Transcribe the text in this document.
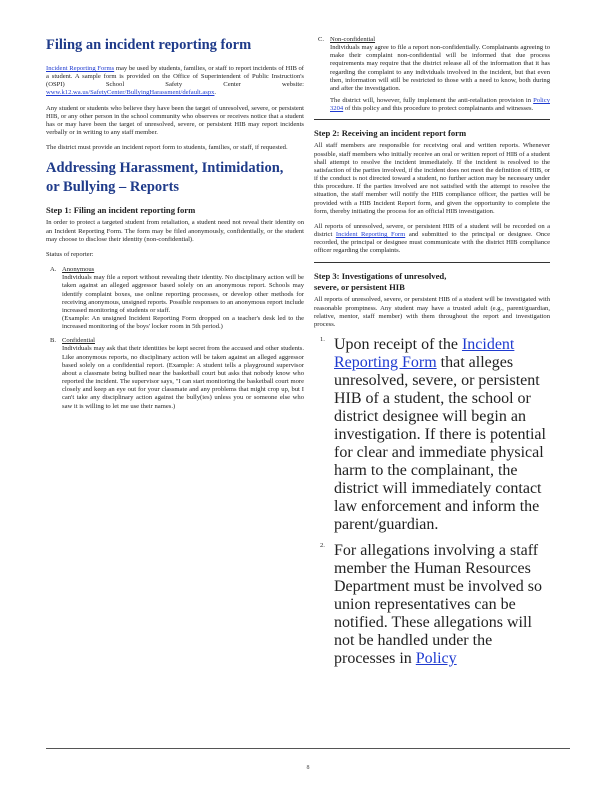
Filing an incident reporting form
Incident Reporting Forms may be used by students, families, or staff to report incidents of HIB of a student. A sample form is provided on the Office of Superintendent of Public Instruction's (OSPI) School Safety Center website: www.k12.wa.us/SafetyCenter/BullyingHarassment/default.aspx.
Any student or students who believe they have been the target of unresolved, severe, or persistent HIB, or any other person in the school community who observes or receives notice that a student has or may have been the target of unresolved, severe, or persistent HIB may report incidents verbally or in writing to any staff member.
The district must provide an incident report form to students, families, or staff, if requested.
Addressing Harassment, Intimidation,
or Bullying – Reports
Step 1: Filing an incident reporting form
In order to protect a targeted student from retaliation, a student need not reveal their identity on an Incident Reporting Form. The form may be filed anonymously, confidentially, or the student may choose to disclose their identity (non-confidential).
Status of reporter:
A. Anonymous
Individuals may file a report without revealing their identity. No disciplinary action will be taken against an alleged aggressor based solely on an anonymous report. Schools may identify complaint boxes, use online reporting processes, or develop other methods for receiving anonymous, unsigned reports. Possible responses to an anonymous report include increased monitoring of students or staff.
(Example: An unsigned Incident Reporting Form dropped on a teacher's desk led to the increased monitoring of the boys' locker room in 5th period.)
B. Confidential
Individuals may ask that their identities be kept secret from the accused and other students. Like anonymous reports, no disciplinary action will be taken against an alleged aggressor based solely on a confidential report. (Example: A student tells a playground supervisor about a classmate being bullied near the basketball court but asks that nobody know who reported the incident. The supervisor says, "I can start monitoring the basketball court more closely and keep an eye out for your classmate and any problems that might crop up, but I can't take any disciplinary action against the bully(ies) unless you or someone else who saw it is willing to let me use their names.)
C. Non-confidential
Individuals may agree to file a report non-confidentially. Complainants agreeing to make their complaint non-confidential will be informed that due process requirements may require that the district release all of the information that it has regarding the complaint to any individuals involved in the incident, but that even then, information will still be restricted to those with a need to know, both during and after the investigation.
The district will, however, fully implement the anti-retaliation provision in Policy 3204 of this policy and this procedure to protect complainants and witnesses.
Step 2: Receiving an incident report form
All staff members are responsible for receiving oral and written reports. Whenever possible, staff members who initially receive an oral or written report of HIB of a student shall attempt to resolve the incident immediately. If the incident is resolved to the satisfaction of the parties involved, if the incident does not meet the definition of HIB, or if the conduct is not directed toward a student, no further action may be necessary under this procedure. If the parties involved are not satisfied with the attempt to resolve the situation, the staff member will notify the HIB compliance officer, the parties will be provided with a HIB Incident Report form, and given the opportunity to complete the form, thereby initiating the process for an official HIB investigation.
All reports of unresolved, severe, or persistent HIB of a student will be recorded on a district Incident Reporting Form and submitted to the principal or designee. Once recorded, the principal or designee must communicate with the district HIB compliance officer regarding the complaints.
Step 3: Investigations of unresolved,
severe, or persistent HIB
All reports of unresolved, severe, or persistent HIB of a student will be investigated with reasonable promptness. Any student may have a trusted adult (e.g., parent/guardian, relative, mentor, staff member) with them throughout the report and investigation process.
1. Upon receipt of the Incident Reporting Form that alleges unresolved, severe, or persistent HIB of a student, the school or district designee will begin an investigation. If there is potential for clear and immediate physical harm to the complainant, the district will immediately contact law enforcement and inform the parent/guardian.
2. For allegations involving a staff member the Human Resources Department must be involved so union representatives can be notified. These allegations will not be handled under the processes in Policy
8
